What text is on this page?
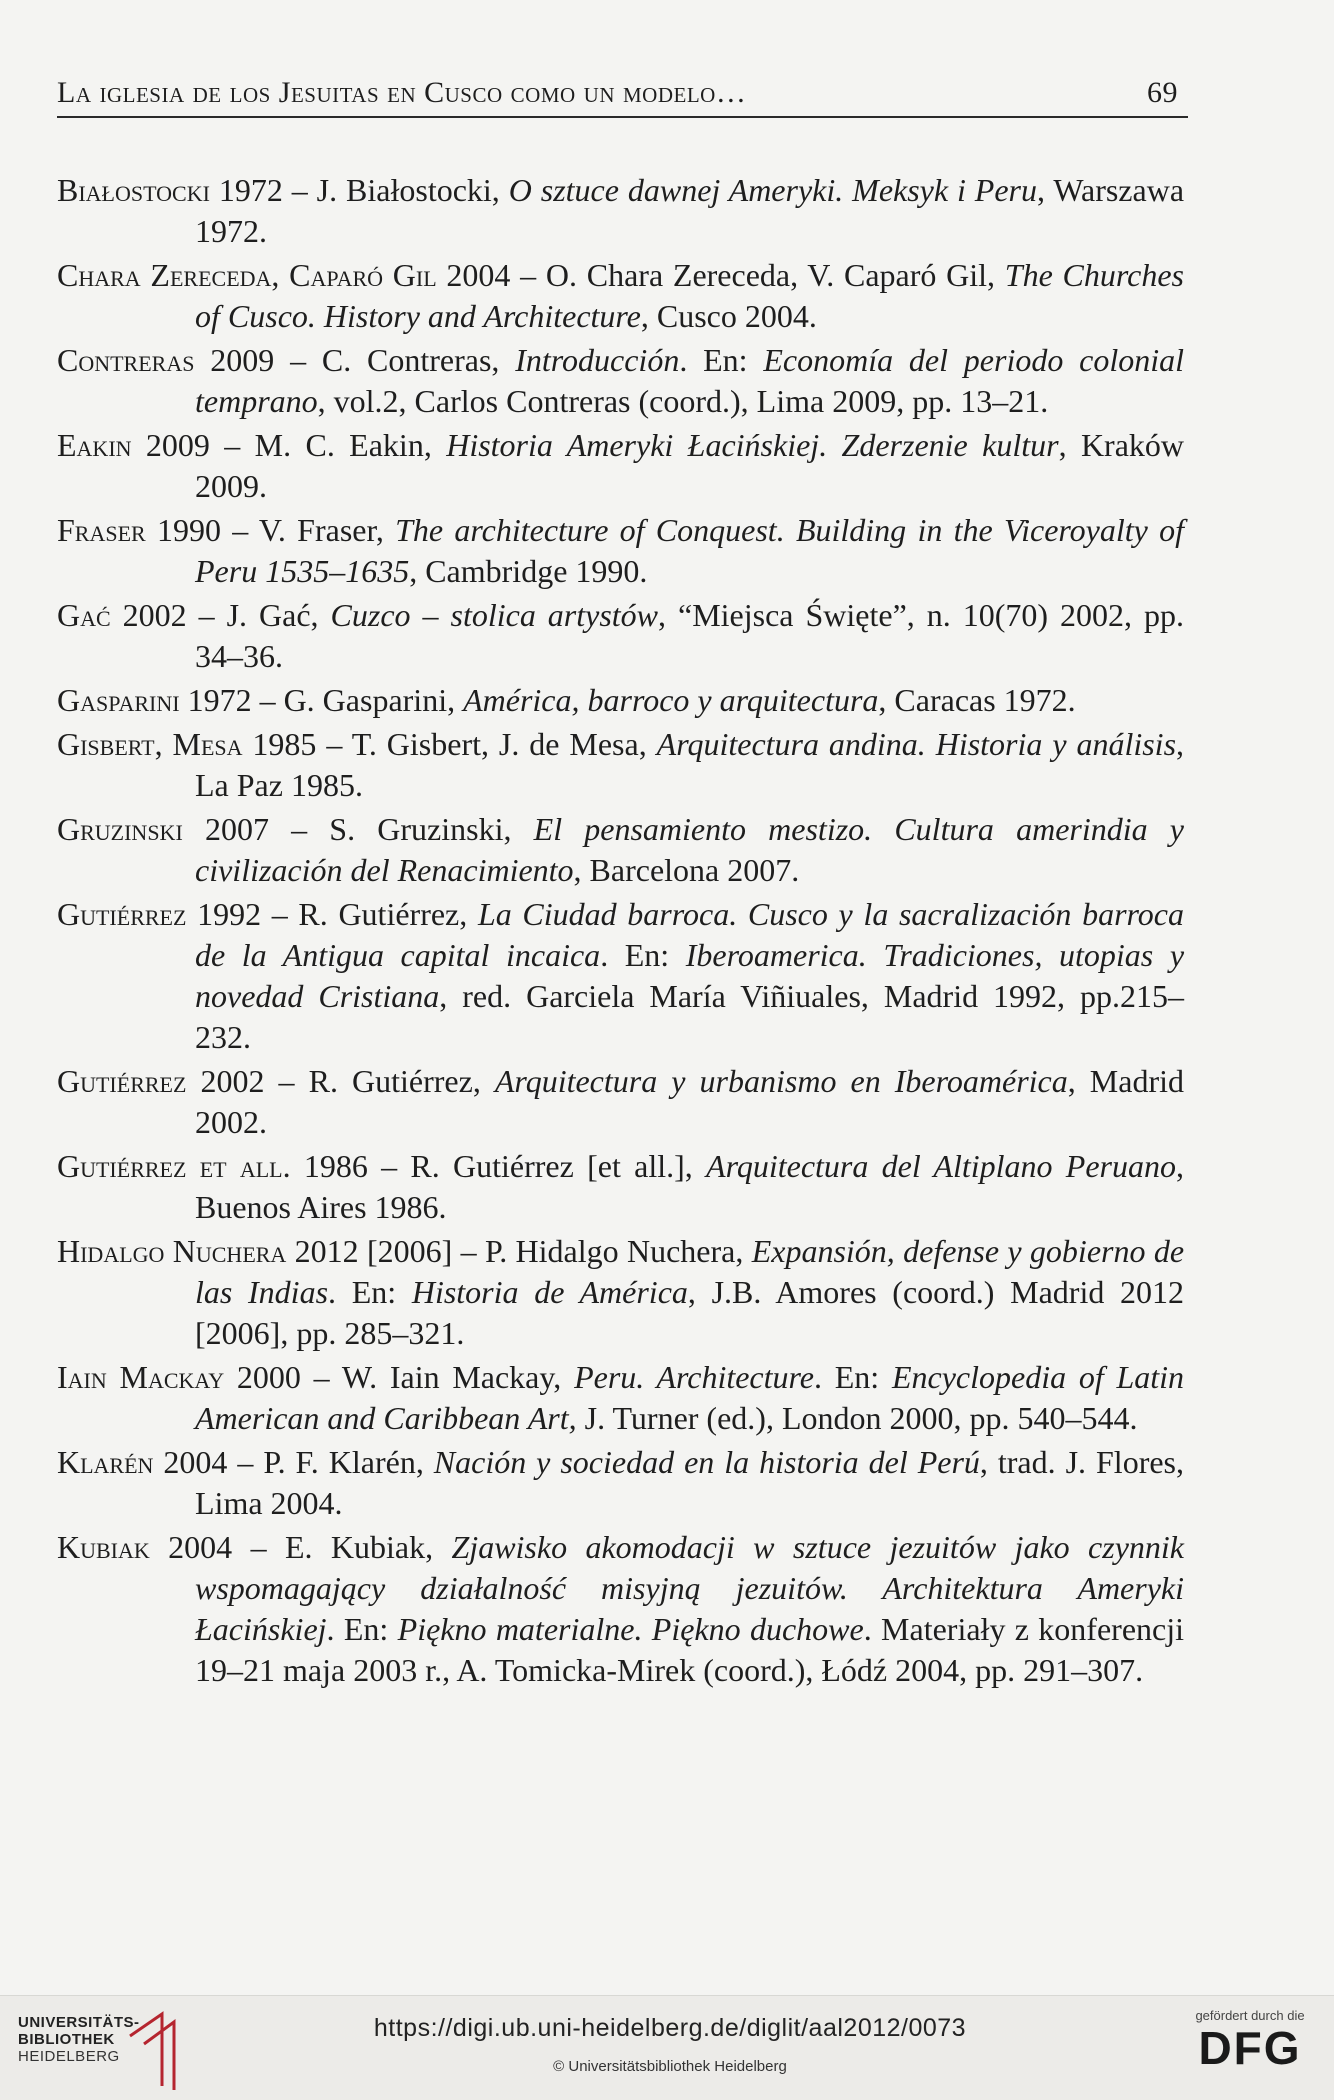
La iglesia de los Jesuitas en Cusco como un modelo…	69

Białostocki 1972 – J. Białostocki, O sztuce dawnej Ameryki. Meksyk i Peru, Warszawa 1972.

Chara Zereceda, Caparó Gil 2004 – O. Chara Zereceda, V. Caparó Gil, The Churches of Cusco. History and Architecture, Cusco 2004.

Contreras 2009 – C. Contreras, Introducción. En: Economía del periodo colonial temprano, vol.2, Carlos Contreras (coord.), Lima 2009, pp. 13–21.

Eakin 2009 – M. C. Eakin, Historia Ameryki Łacińskiej. Zderzenie kultur, Kraków 2009.

Fraser 1990 – V. Fraser, The architecture of Conquest. Building in the Viceroyalty of Peru 1535–1635, Cambridge 1990.

Gać 2002 – J. Gać, Cuzco – stolica artystów, “Miejsca Święte”, n. 10(70) 2002, pp. 34–36.

Gasparini 1972 – G. Gasparini, América, barroco y arquitectura, Caracas 1972.

Gisbert, Mesa 1985 – T. Gisbert, J. de Mesa, Arquitectura andina. Historia y análisis, La Paz 1985.

Gruzinski 2007 – S. Gruzinski, El pensamiento mestizo. Cultura amerindia y civilización del Renacimiento, Barcelona 2007.

Gutiérrez 1992 – R. Gutiérrez, La Ciudad barroca. Cusco y la sacralización barroca de la Antigua capital incaica. En: Iberoamerica. Tradiciones, utopias y novedad Cristiana, red. Garciela María Viñiuales, Madrid 1992, pp.215–232.

Gutiérrez 2002 – R. Gutiérrez, Arquitectura y urbanismo en Iberoamérica, Madrid 2002.

Gutiérrez et all. 1986 – R. Gutiérrez [et all.], Arquitectura del Altiplano Peruano, Buenos Aires 1986.

Hidalgo Nuchera 2012 [2006] – P. Hidalgo Nuchera, Expansión, defense y gobierno de las Indias. En: Historia de América, J.B. Amores (coord.) Madrid 2012 [2006], pp. 285–321.

Iain Mackay 2000 – W. Iain Mackay, Peru. Architecture. En: Encyclopedia of Latin American and Caribbean Art, J. Turner (ed.), London 2000, pp. 540–544.

Klarén 2004 – P. F. Klarén, Nación y sociedad en la historia del Perú, trad. J. Flores, Lima 2004.

Kubiak 2004 – E. Kubiak, Zjawisko akomodacji w sztuce jezuitów jako czynnik wspomagający działalność misyjną jezuitów. Architektura Ameryki Łacińskiej. En: Piękno materialne. Piękno duchowe. Materiały z konferencji 19–21 maja 2003 r., A. Tomicka-Mirek (coord.), Łódź 2004, pp. 291–307.

UNIVERSITÄTS-
BIBLIOTHEK
HEIDELBERG
https://digi.ub.uni-heidelberg.de/diglit/aal2012/0073
© Universitätsbibliothek Heidelberg
gefördert durch die
DFG
